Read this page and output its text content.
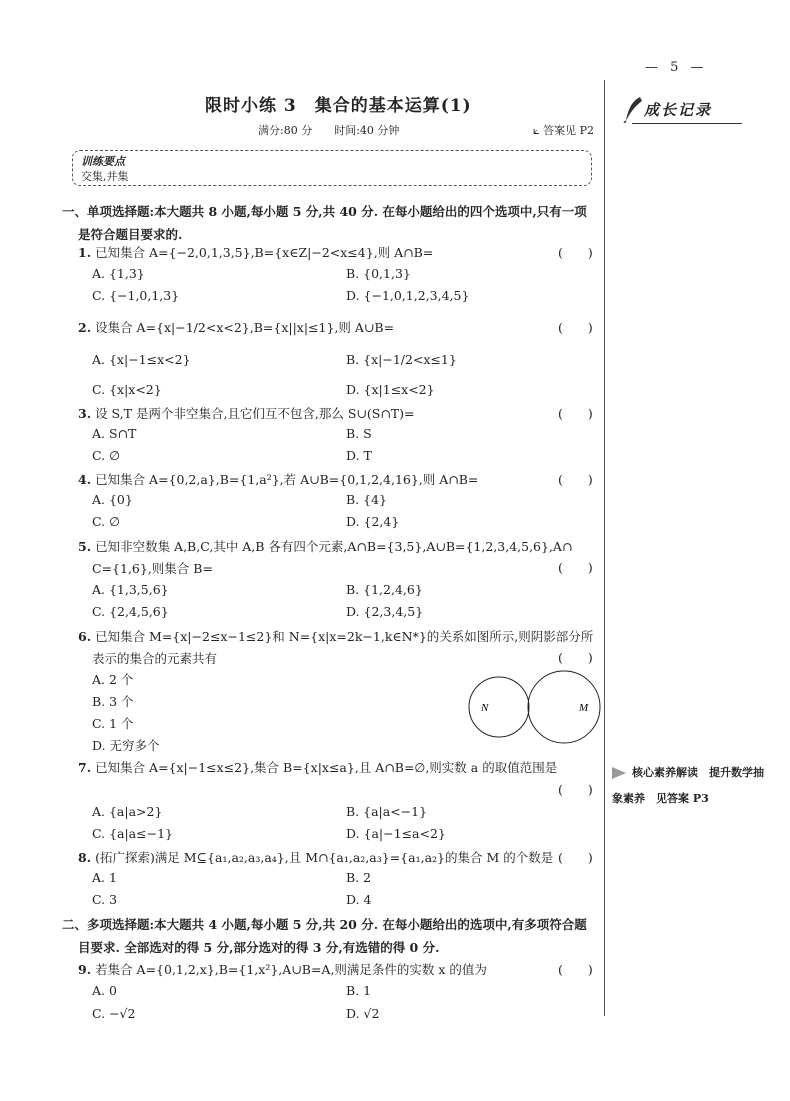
— 5 —
成长记录
限时小练 3　集合的基本运算(1)
满分:80 分　　时间:40 分钟	⟀ 答案见 P2
训练要点
交集,并集
一、单项选择题:本大题共 8 小题,每小题 5 分,共 40 分. 在每小题给出的四个选项中,只有一项
是符合题目要求的.
1. 已知集合 A={−2,0,1,3,5},B={x∈Z|−2<x≤4},则 A∩B=	(　　)
A. {1,3}	B. {0,1,3}
C. {−1,0,1,3}	D. {−1,0,1,2,3,4,5}
2. 设集合 A={x|−1/2<x<2},B={x||x|≤1},则 A∪B=	(　　)
A. {x|−1≤x<2}	B. {x|−1/2<x≤1}
C. {x|x<2}	D. {x|1≤x<2}
3. 设 S,T 是两个非空集合,且它们互不包含,那么 S∪(S∩T)=	(　　)
A. S∩T	B. S
C. ∅	D. T
4. 已知集合 A={0,2,a},B={1,a²},若 A∪B={0,1,2,4,16},则 A∩B=	(　　)
A. {0}	B. {4}
C. ∅	D. {2,4}
5. 已知非空数集 A,B,C,其中 A,B 各有四个元素,A∩B={3,5},A∪B={1,2,3,4,5,6},A∩
C={1,6},则集合 B=	(　　)
A. {1,3,5,6}	B. {1,2,4,6}
C. {2,4,5,6}	D. {2,3,4,5}
6. 已知集合 M={x|−2≤x−1≤2}和 N={x|x=2k−1,k∈N*}的关系如图所示,则阴影部分所
表示的集合的元素共有	(　　)
A. 2 个
B. 3 个
C. 1 个
D. 无穷多个
N	M
7. 已知集合 A={x|−1≤x≤2},集合 B={x|x≤a},且 A∩B=∅,则实数 a 的取值范围是
(　　)
A. {a|a>2}	B. {a|a<−1}
C. {a|a≤−1}	D. {a|−1≤a<2}
8. (拓广探索)满足 M⊆{a₁,a₂,a₃,a₄},且 M∩{a₁,a₂,a₃}={a₁,a₂}的集合 M 的个数是 (　　)
A. 1	B. 2
C. 3	D. 4
二、多项选择题:本大题共 4 小题,每小题 5 分,共 20 分. 在每小题给出的选项中,有多项符合题
目要求. 全部选对的得 5 分,部分选对的得 3 分,有选错的得 0 分.
9. 若集合 A={0,1,2,x},B={1,x²},A∪B=A,则满足条件的实数 x 的值为	(　　)
A. 0	B. 1
C. −√2	D. √2
核心素养解读　提升数学抽
象素养　见答案 P3
